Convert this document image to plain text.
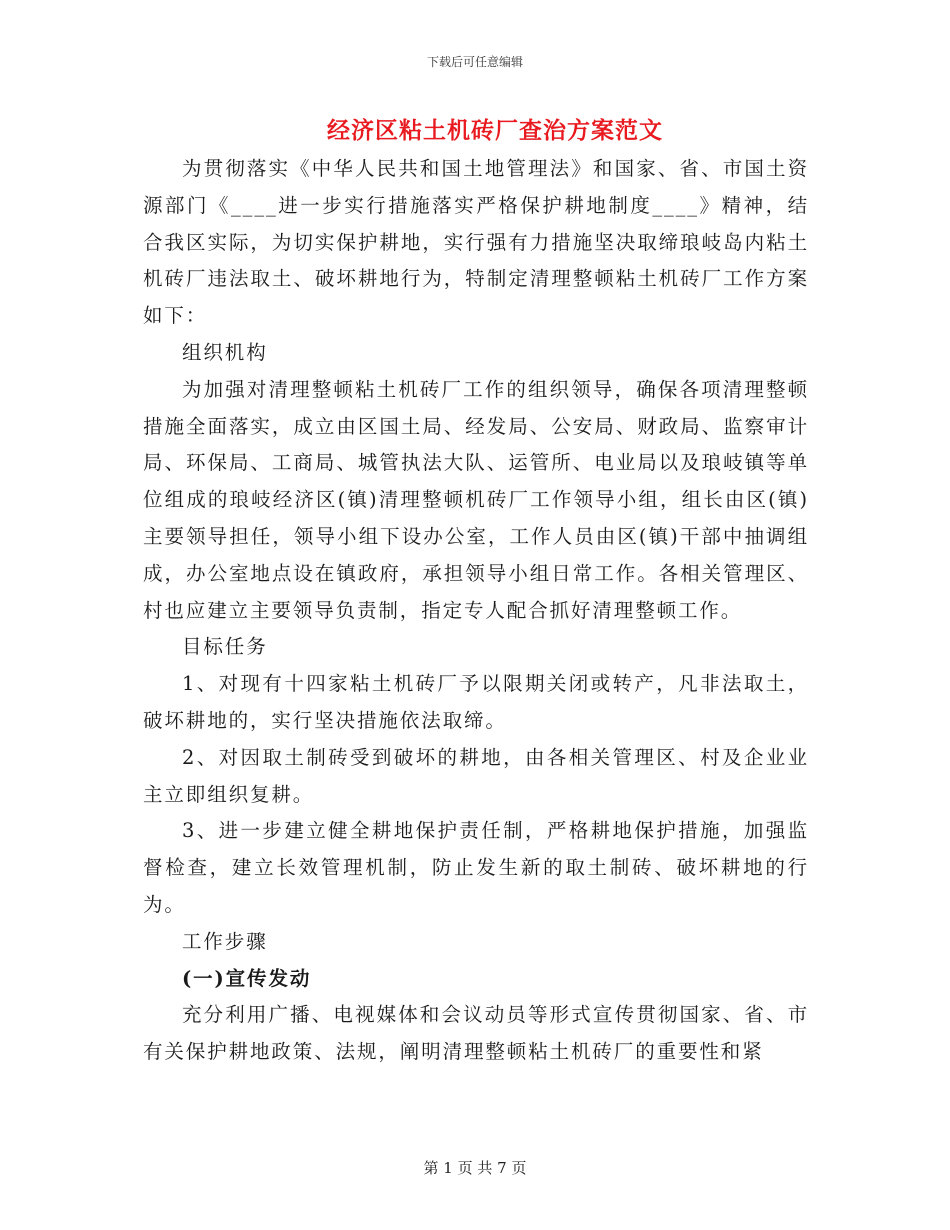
下载后可任意编辑
经济区粘土机砖厂查治方案范文

为贯彻落实《中华人民共和国土地管理法》和国家、省、市国土资源部门《____进一步实行措施落实严格保护耕地制度____》精神，结合我区实际，为切实保护耕地，实行强有力措施坚决取缔琅岐岛内粘土机砖厂违法取土、破坏耕地行为，特制定清理整顿粘土机砖厂工作方案如下：

组织机构

为加强对清理整顿粘土机砖厂工作的组织领导，确保各项清理整顿措施全面落实，成立由区国土局、经发局、公安局、财政局、监察审计局、环保局、工商局、城管执法大队、运管所、电业局以及琅岐镇等单位组成的琅岐经济区(镇)清理整顿机砖厂工作领导小组，组长由区(镇)主要领导担任，领导小组下设办公室，工作人员由区(镇)干部中抽调组成，办公室地点设在镇政府，承担领导小组日常工作。各相关管理区、村也应建立主要领导负责制，指定专人配合抓好清理整顿工作。

目标任务

1、对现有十四家粘土机砖厂予以限期关闭或转产，凡非法取土，破坏耕地的，实行坚决措施依法取缔。

2、对因取土制砖受到破坏的耕地，由各相关管理区、村及企业业主立即组织复耕。

3、进一步建立健全耕地保护责任制，严格耕地保护措施，加强监督检查，建立长效管理机制，防止发生新的取土制砖、破坏耕地的行为。

工作步骤

(一)宣传发动

充分利用广播、电视媒体和会议动员等形式宣传贯彻国家、省、市有关保护耕地政策、法规，阐明清理整顿粘土机砖厂的重要性和紧

第 1 页 共 7 页
